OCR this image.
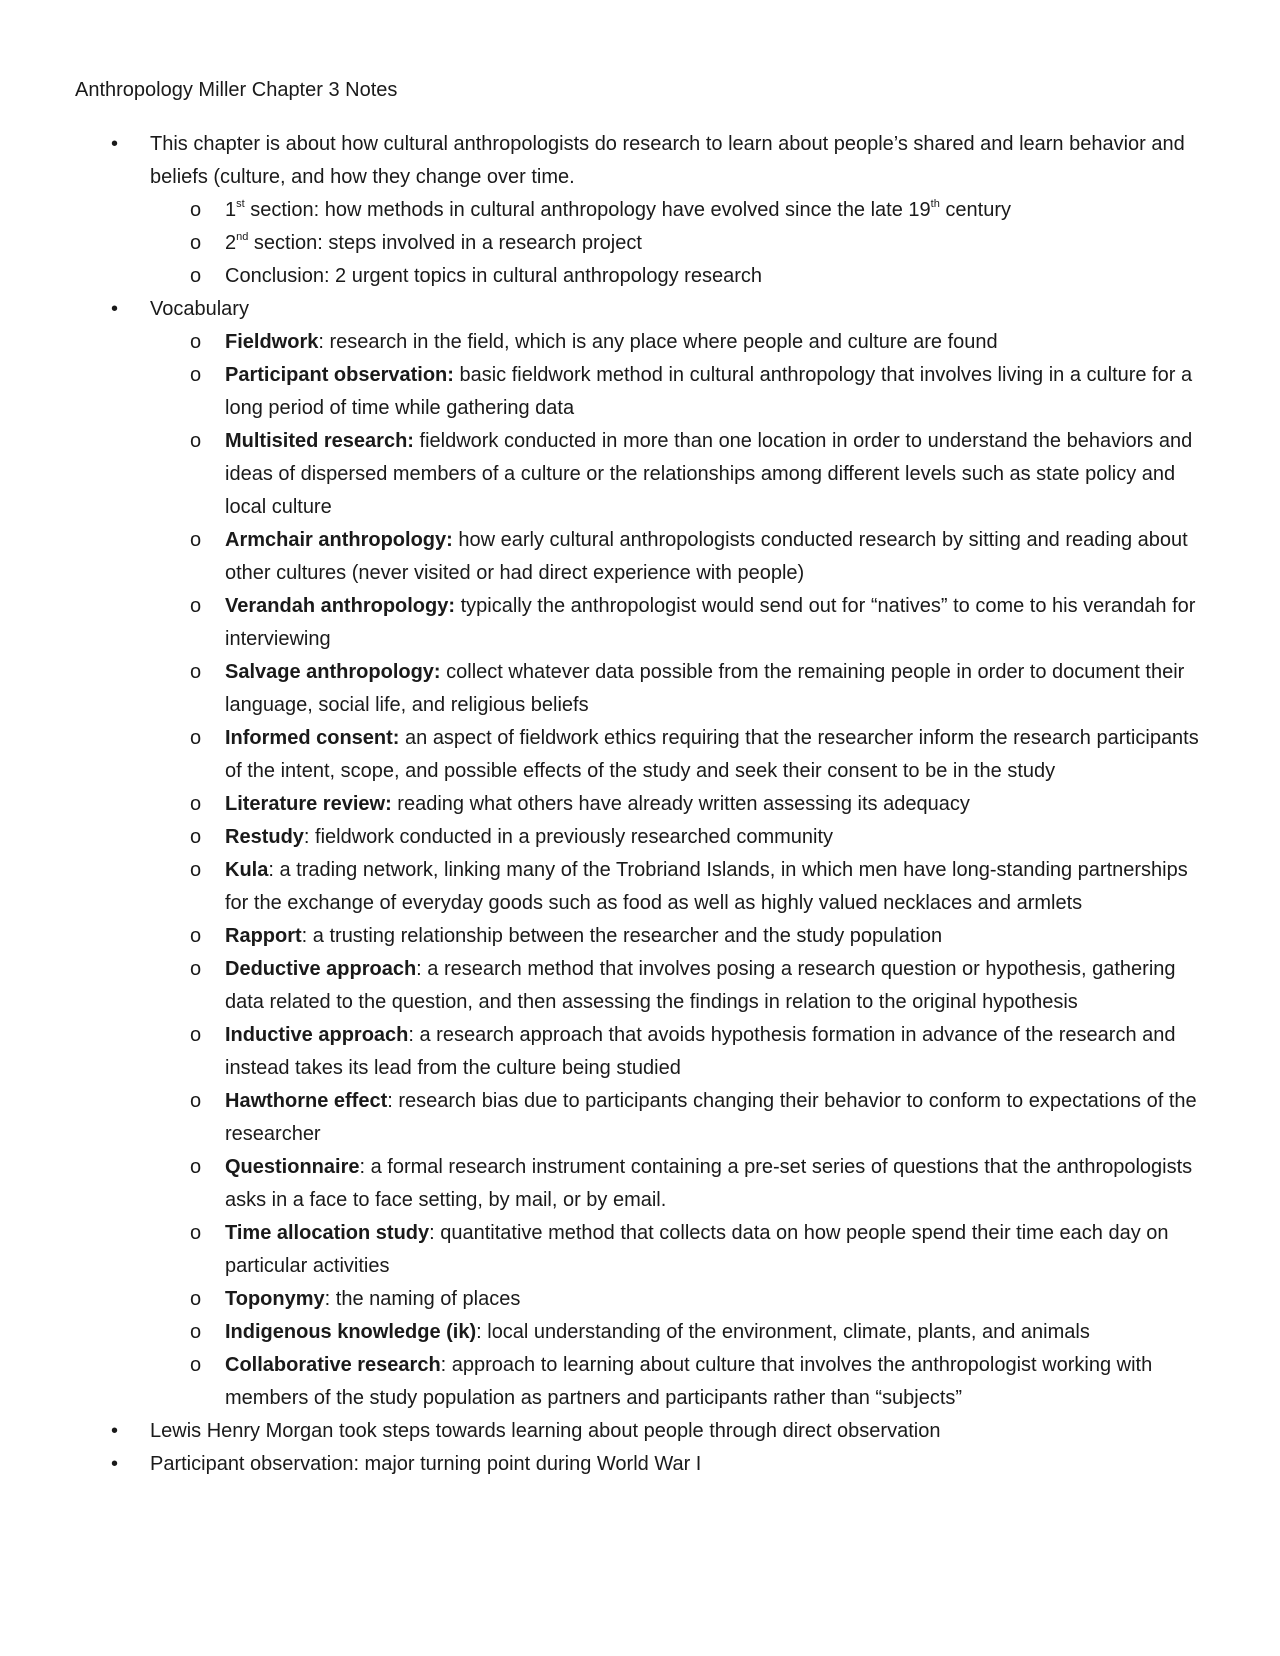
Anthropology Miller Chapter 3 Notes
• This chapter is about how cultural anthropologists do research to learn about people’s shared and learn behavior and beliefs (culture, and how they change over time.
o 1st section: how methods in cultural anthropology have evolved since the late 19th century
o 2nd section: steps involved in a research project
o Conclusion: 2 urgent topics in cultural anthropology research
• Vocabulary
o Fieldwork: research in the field, which is any place where people and culture are found
o Participant observation: basic fieldwork method in cultural anthropology that involves living in a culture for a long period of time while gathering data
o Multisited research: fieldwork conducted in more than one location in order to understand the behaviors and ideas of dispersed members of a culture or the relationships among different levels such as state policy and local culture
o Armchair anthropology: how early cultural anthropologists conducted research by sitting and reading about other cultures (never visited or had direct experience with people)
o Verandah anthropology: typically the anthropologist would send out for “natives” to come to his verandah for interviewing
o Salvage anthropology: collect whatever data possible from the remaining people in order to document their language, social life, and religious beliefs
o Informed consent: an aspect of fieldwork ethics requiring that the researcher inform the research participants of the intent, scope, and possible effects of the study and seek their consent to be in the study
o Literature review: reading what others have already written assessing its adequacy
o Restudy: fieldwork conducted in a previously researched community
o Kula: a trading network, linking many of the Trobriand Islands, in which men have long-standing partnerships for the exchange of everyday goods such as food as well as highly valued necklaces and armlets
o Rapport: a trusting relationship between the researcher and the study population
o Deductive approach: a research method that involves posing a research question or hypothesis, gathering data related to the question, and then assessing the findings in relation to the original hypothesis
o Inductive approach: a research approach that avoids hypothesis formation in advance of the research and instead takes its lead from the culture being studied
o Hawthorne effect: research bias due to participants changing their behavior to conform to expectations of the researcher
o Questionnaire: a formal research instrument containing a pre-set series of questions that the anthropologists asks in a face to face setting, by mail, or by email.
o Time allocation study: quantitative method that collects data on how people spend their time each day on particular activities
o Toponymy: the naming of places
o Indigenous knowledge (ik): local understanding of the environment, climate, plants, and animals
o Collaborative research: approach to learning about culture that involves the anthropologist working with members of the study population as partners and participants rather than “subjects”
• Lewis Henry Morgan took steps towards learning about people through direct observation
• Participant observation: major turning point during World War I
